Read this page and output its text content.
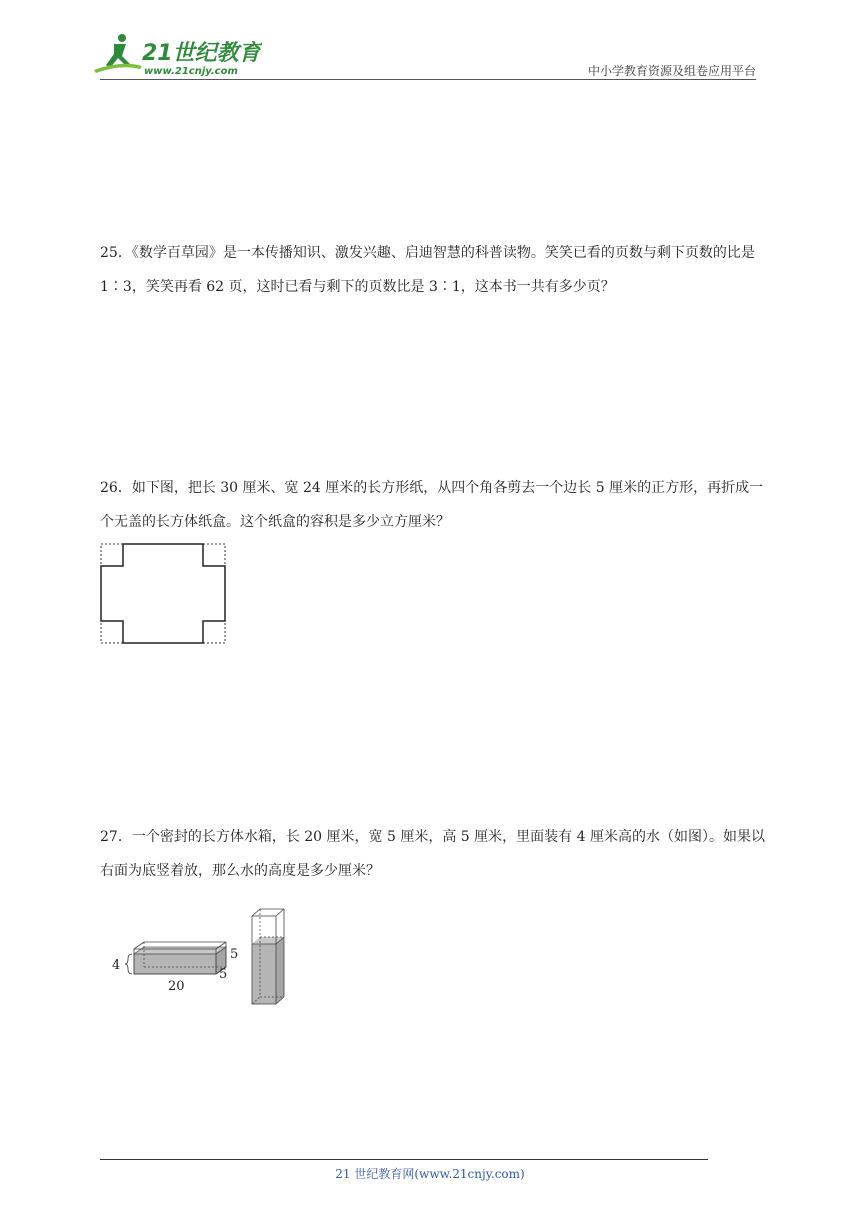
21世纪教育
www.21cnjy.com	中小学教育资源及组卷应用平台
25．《数学百草园》是一本传播知识、激发兴趣、启迪智慧的科普读物。笑笑已看的页数与剩下页数的比是 1∶3，笑笑再看 62 页，这时已看与剩下的页数比是 3∶1，这本书一共有多少页？
26．如下图，把长 30 厘米、宽 24 厘米的长方形纸，从四个角各剪去一个边长 5 厘米的正方形，再折成一个无盖的长方体纸盒。这个纸盒的容积是多少立方厘米？
27．一个密封的长方体水箱，长 20 厘米，宽 5 厘米，高 5 厘米，里面装有 4 厘米高的水（如图）。如果以右面为底竖着放，那么水的高度是多少厘米？
4
5
5
20
21 世纪教育网(www.21cnjy.com)
